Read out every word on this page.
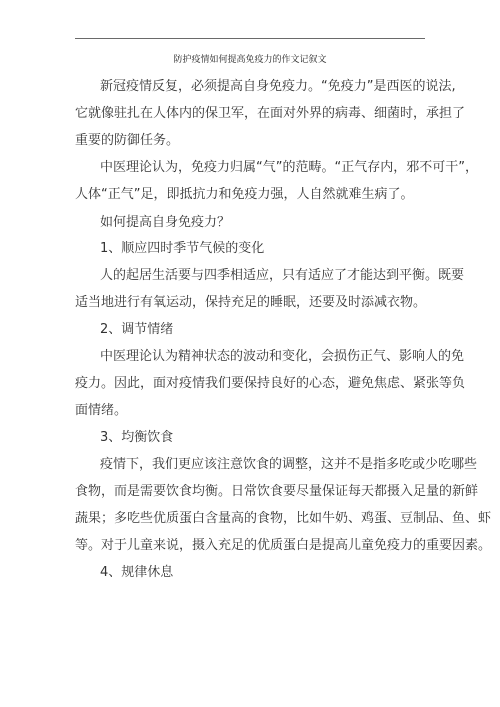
防护疫情如何提高免疫力的作文记叙文
新冠疫情反复，必须提高自身免疫力。“免疫力”是西医的说法,
它就像驻扎在人体内的保卫军，在面对外界的病毒、细菌时，承担了
重要的防御任务。
中医理论认为，免疫力归属“气”的范畴。“正气存内，邪不可干”，
人体“正气”足，即抵抗力和免疫力强，人自然就难生病了。
如何提高自身免疫力？
1、顺应四时季节气候的变化
人的起居生活要与四季相适应，只有适应了才能达到平衡。既要
适当地进行有氧运动，保持充足的睡眠，还要及时添减衣物。
2、调节情绪
中医理论认为精神状态的波动和变化，会损伤正气、影响人的免
疫力。因此，面对疫情我们要保持良好的心态，避免焦虑、紧张等负
面情绪。
3、均衡饮食
疫情下，我们更应该注意饮食的调整，这并不是指多吃或少吃哪些
食物，而是需要饮食均衡。日常饮食要尽量保证每天都摄入足量的新鲜
蔬果；多吃些优质蛋白含量高的食物，比如牛奶、鸡蛋、豆制品、鱼、虾
等。对于儿童来说，摄入充足的优质蛋白是提高儿童免疫力的重要因素。
4、规律休息
